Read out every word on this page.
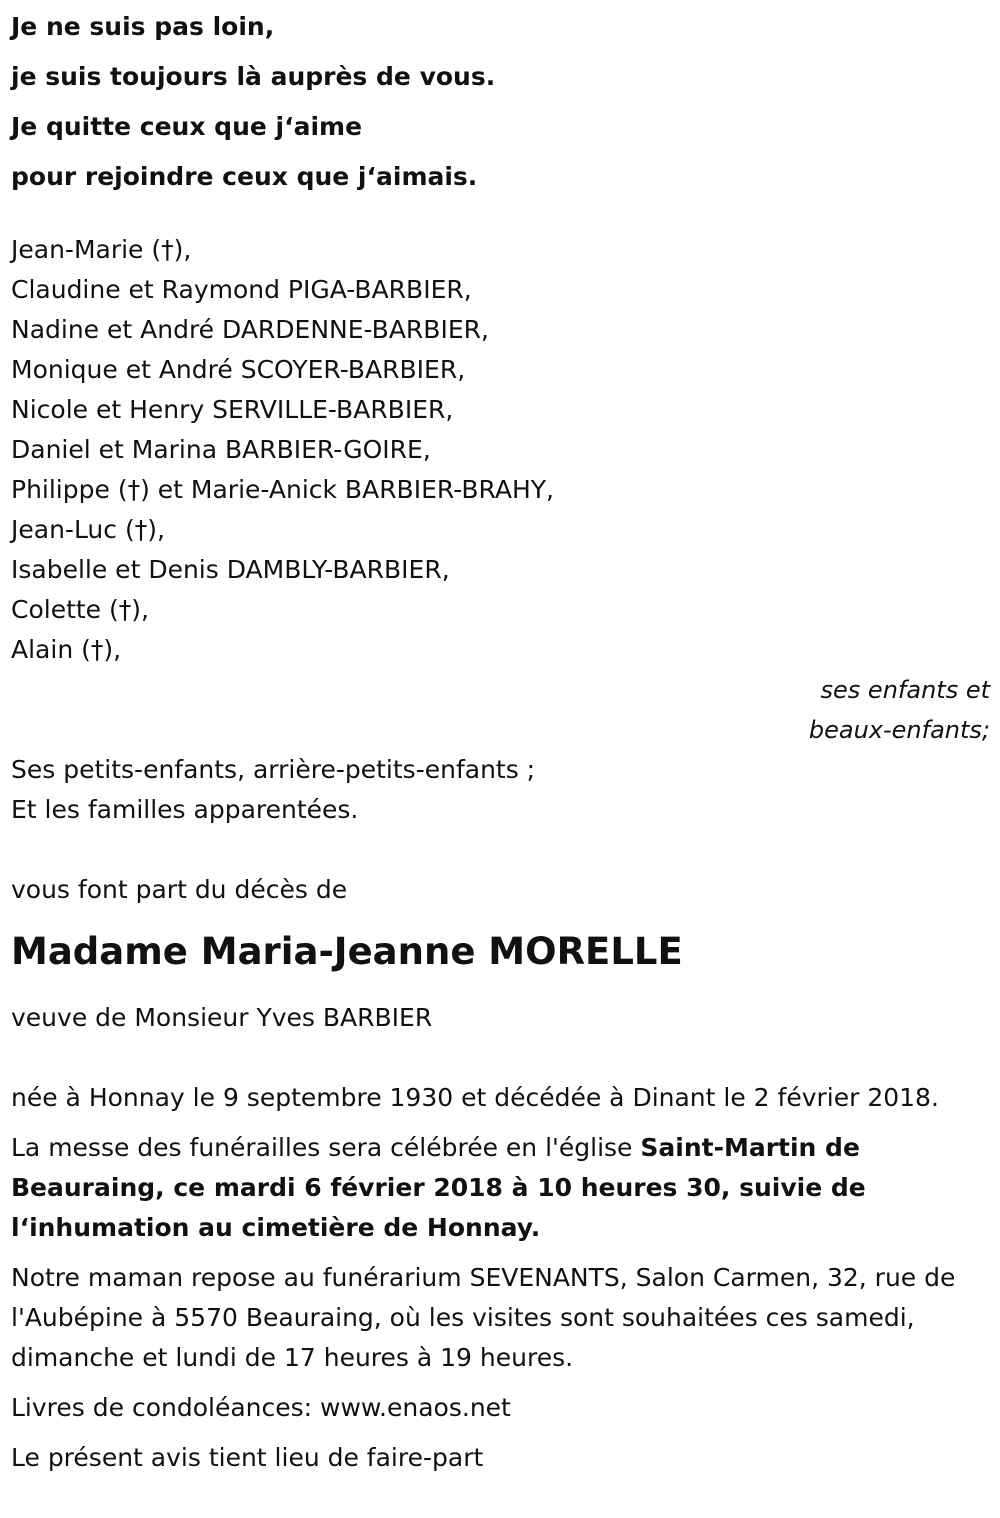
Je ne suis pas loin,
je suis toujours là auprès de vous.
Je quitte ceux que j‘aime
pour rejoindre ceux que j‘aimais.
Jean-Marie (†),
Claudine et Raymond PIGA-BARBIER,
Nadine et André DARDENNE-BARBIER,
Monique et André SCOYER-BARBIER,
Nicole et Henry SERVILLE-BARBIER,
Daniel et Marina BARBIER-GOIRE,
Philippe (†) et Marie-Anick BARBIER-BRAHY,
Jean-Luc (†),
Isabelle et Denis DAMBLY-BARBIER,
Colette (†),
Alain (†),
ses enfants et
beaux-enfants;
Ses petits-enfants, arrière-petits-enfants ;
Et les familles apparentées.
vous font part du décès de
Madame Maria-Jeanne MORELLE
veuve de Monsieur Yves BARBIER
née à Honnay le 9 septembre 1930 et décédée à Dinant le 2 février 2018.
La messe des funérailles sera célébrée en l'église Saint-Martin de Beauraing, ce mardi 6 février 2018 à 10 heures 30, suivie de l‘inhumation au cimetière de Honnay.
Notre maman repose au funérarium SEVENANTS, Salon Carmen, 32, rue de l'Aubépine à 5570 Beauraing, où les visites sont souhaitées ces samedi, dimanche et lundi de 17 heures à 19 heures.
Livres de condoléances: www.enaos.net
Le présent avis tient lieu de faire-part
